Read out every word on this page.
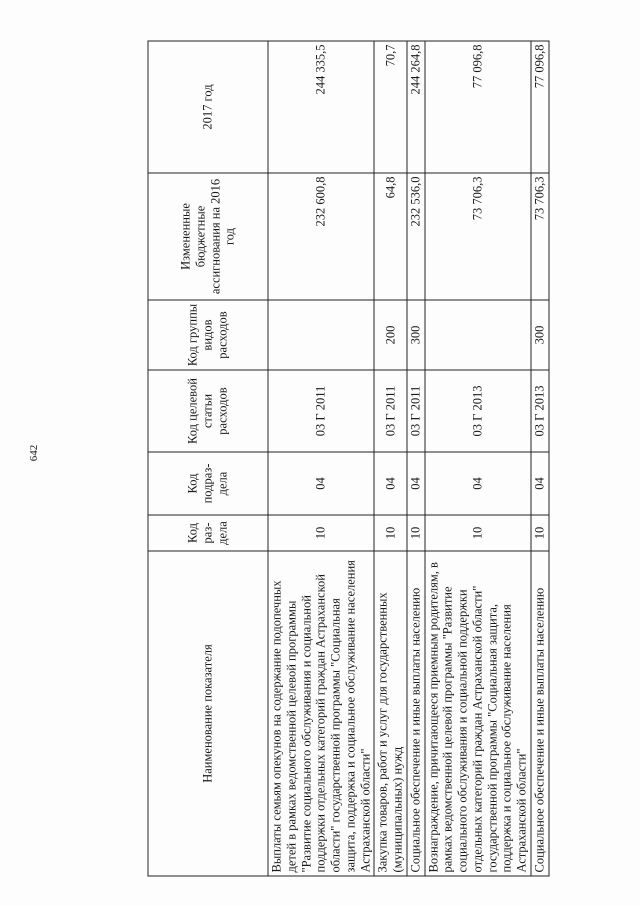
642
Наименование показателя	Код раз-дела	Код подраз-дела	Код целевой статьи расходов	Код группы видов расходов	Измененные бюджетные ассигнования на 2016 год	2017 год
Выплаты семьям опекунов на содержание подопечных детей в рамках ведомственной целевой программы "Развитие социального обслуживания и социальной поддержки отдельных категорий граждан Астраханской области" государственной программы "Социальная защита, поддержка и социальное обслуживание населения Астраханской области"	10	04	03 Г 2011		232 600,8	244 335,5
Закупка товаров, работ и услуг для государственных (муниципальных) нужд	10	04	03 Г 2011	200	64,8	70,7
Социальное обеспечение и иные выплаты населению	10	04	03 Г 2011	300	232 536,0	244 264,8
Вознаграждение, причитающееся приемным родителям, в рамках ведомственной целевой программы "Развитие социального обслуживания и социальной поддержки отдельных категорий граждан Астраханской области" государственной программы "Социальная защита, поддержка и социальное обслуживание населения Астраханской области"	10	04	03 Г 2013		73 706,3	77 096,8
Социальное обеспечение и иные выплаты населению	10	04	03 Г 2013	300	73 706,3	77 096,8
